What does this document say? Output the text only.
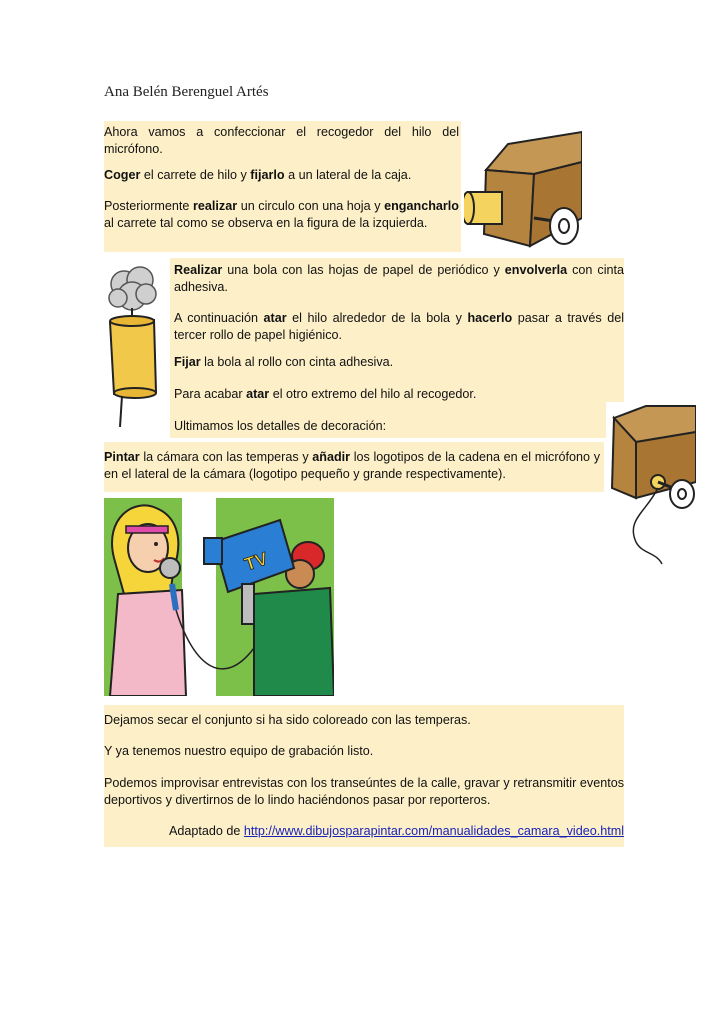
Ana Belén Berenguel Artés

Ahora vamos a confeccionar el recogedor del hilo del micrófono.

Coger el carrete de hilo y fijarlo a un lateral de la caja.

Posteriormente realizar un circulo con una hoja y engancharlo al carrete tal como se observa en la figura de la izquierda.

Realizar una bola con las hojas de papel de periódico y envolverla con cinta adhesiva.

A continuación atar el hilo alrededor de la bola y hacerlo pasar a través del tercer rollo de papel higiénico.

Fijar la bola al rollo con cinta adhesiva.

Para acabar atar el otro extremo del hilo al recogedor.

Ultimamos los detalles de decoración:

Pintar la cámara con las temperas y añadir los logotipos de la cadena en el micrófono y en el lateral de la cámara (logotipo pequeño y grande respectivamente).

Dejamos secar el conjunto si ha sido coloreado con las temperas.

Y ya tenemos nuestro equipo de grabación listo.

Podemos improvisar entrevistas con los transeúntes de la calle, gravar y retransmitir eventos deportivos y divertirnos de lo lindo haciéndonos pasar por reporteros.

Adaptado de http://www.dibujosparapintar.com/manualidades_camara_video.html

TV
